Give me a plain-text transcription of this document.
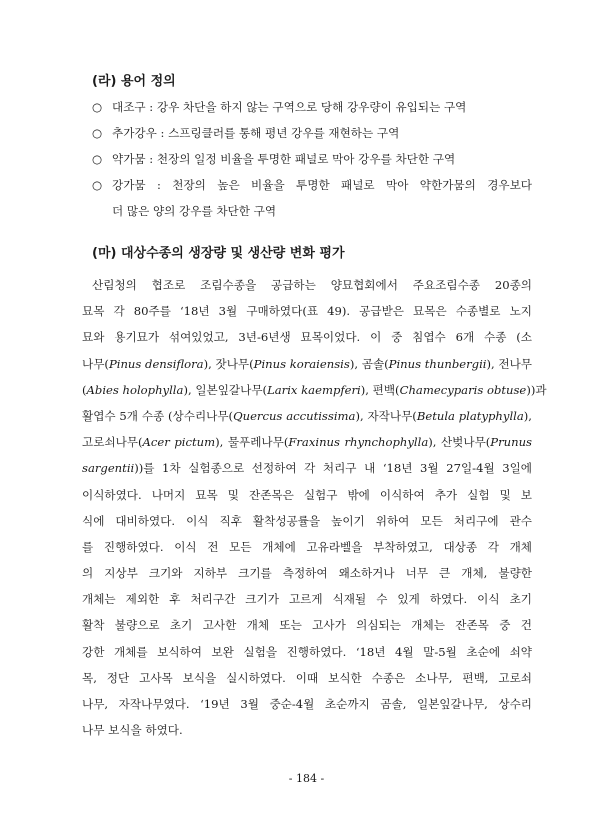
(라) 용어 정의
○ 대조구 : 강우 차단을 하지 않는 구역으로 당해 강우량이 유입되는 구역
○ 추가강우 : 스프링클러를 통해 평년 강우를 재현하는 구역
○ 약가뭄 : 천장의 일정 비율을 투명한 패널로 막아 강우를 차단한 구역
○ 강가뭄 : 천장의 높은 비율을 투명한 패널로 막아 약한가뭄의 경우보다
더 많은 양의 강우를 차단한 구역
(마) 대상수종의 생장량 및 생산량 변화 평가
산림청의 협조로 조림수종을 공급하는 양묘협회에서 주요조림수종 20종의
묘목 각 80주를 ‘18년 3월 구매하였다(표 49). 공급받은 묘목은 수종별로 노지
묘와 용기묘가 섞여있었고, 3년-6년생 묘목이었다. 이 중 침엽수 6개 수종 (소
나무(Pinus densiflora), 잣나무(Pinus koraiensis), 곰솔(Pinus thunbergii), 전나무
(Abies holophylla), 일본잎갈나무(Larix kaempferi), 편백(Chamecyparis obtuse))과
활엽수 5개 수종 (상수리나무(Quercus accutissima), 자작나무(Betula platyphylla),
고로쇠나무(Acer pictum), 물푸레나무(Fraxinus rhynchophylla), 산벚나무(Prunus
sargentii))를 1차 실험종으로 선정하여 각 처리구 내 ‘18년 3월 27일-4월 3일에
이식하였다. 나머지 묘목 및 잔존목은 실험구 밖에 이식하여 추가 실험 및 보
식에 대비하였다. 이식 직후 활착성공률을 높이기 위하여 모든 처리구에 관수
를 진행하였다. 이식 전 모든 개체에 고유라벨을 부착하였고, 대상종 각 개체
의 지상부 크기와 지하부 크기를 측정하여 왜소하거나 너무 큰 개체, 불량한
개체는 제외한 후 처리구간 크기가 고르게 식재될 수 있게 하였다. 이식 초기
활착 불량으로 초기 고사한 개체 또는 고사가 의심되는 개체는 잔존목 중 건
강한 개체를 보식하여 보완 실험을 진행하였다. ‘18년 4월 말-5월 초순에 쇠약
목, 정단 고사목 보식을 실시하였다. 이때 보식한 수종은 소나무, 편백, 고로쇠
나무, 자작나무였다. ‘19년 3월 중순-4월 초순까지 곰솔, 일본잎갈나무, 상수리
나무 보식을 하였다.
- 184 -
